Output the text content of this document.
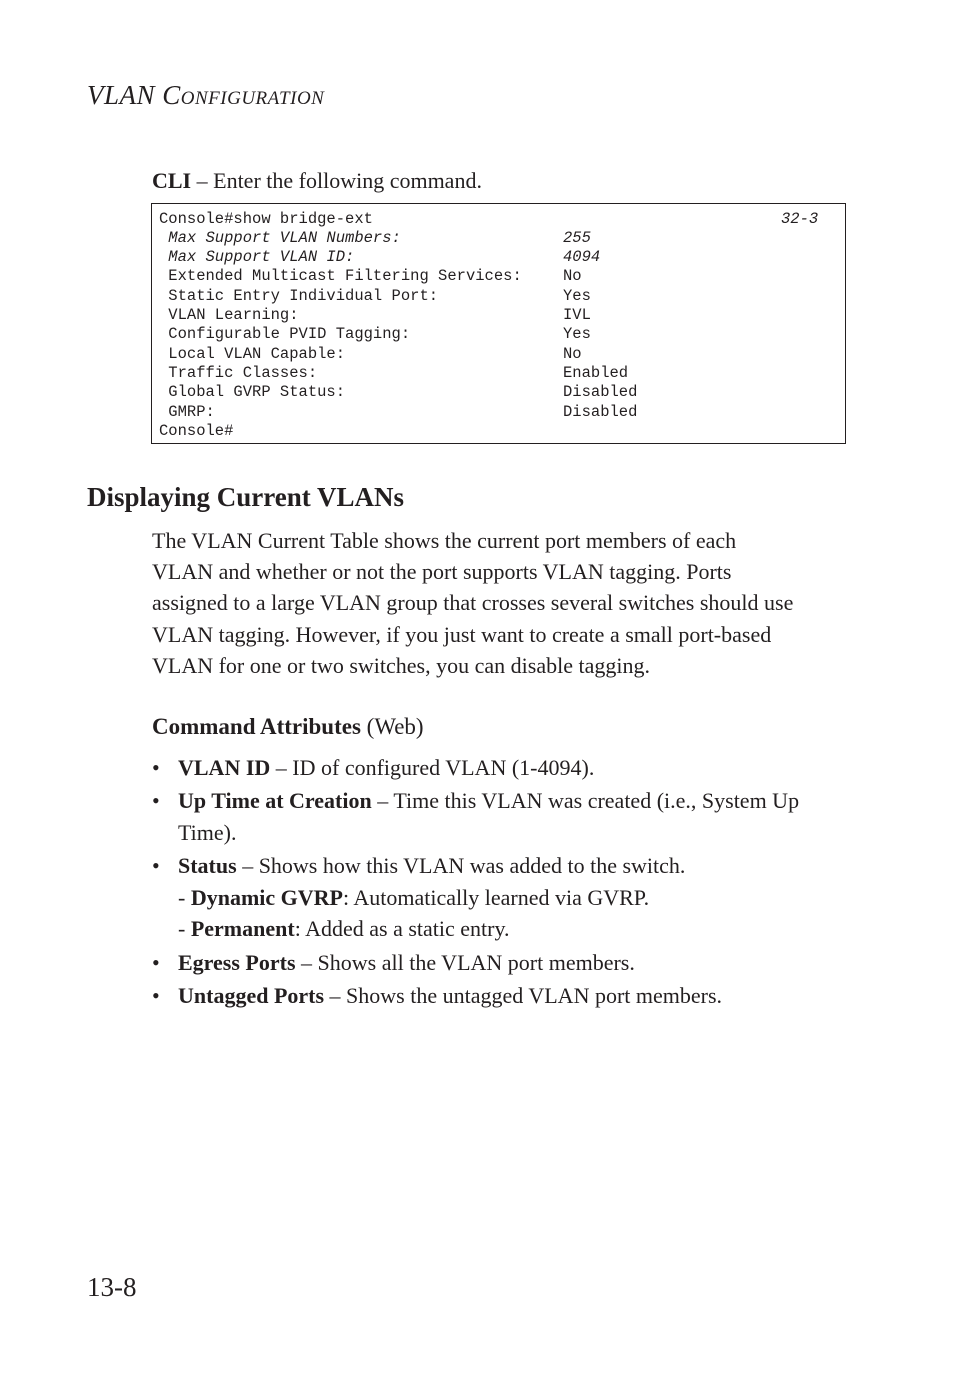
VLAN CONFIGURATION
CLI – Enter the following command.
Console#show bridge-ext	32-3
Max Support VLAN Numbers:	255
Max Support VLAN ID:	4094
Extended Multicast Filtering Services:	No
Static Entry Individual Port:	Yes
VLAN Learning:	IVL
Configurable PVID Tagging:	Yes
Local VLAN Capable:	No
Traffic Classes:	Enabled
Global GVRP Status:	Disabled
GMRP:	Disabled
Console#
Displaying Current VLANs
The VLAN Current Table shows the current port members of each
VLAN and whether or not the port supports VLAN tagging. Ports
assigned to a large VLAN group that crosses several switches should use
VLAN tagging. However, if you just want to create a small port-based
VLAN for one or two switches, you can disable tagging.
Command Attributes (Web)
• VLAN ID – ID of configured VLAN (1-4094).
• Up Time at Creation – Time this VLAN was created (i.e., System Up
Time).
• Status – Shows how this VLAN was added to the switch.
- Dynamic GVRP: Automatically learned via GVRP.
- Permanent: Added as a static entry.
• Egress Ports – Shows all the VLAN port members.
• Untagged Ports – Shows the untagged VLAN port members.
13-8
